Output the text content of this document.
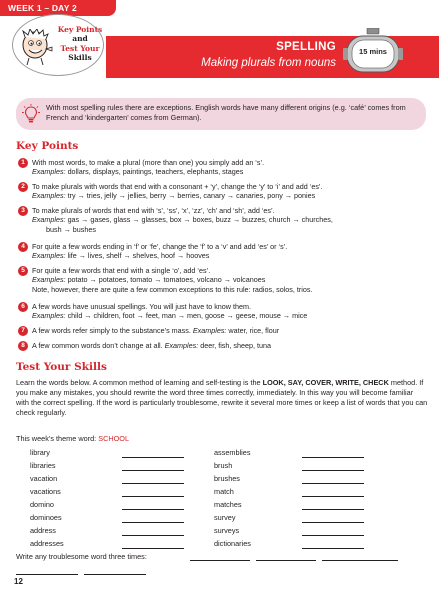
WEEK 1 – DAY 2
SPELLING
Making plurals from nouns
Key Points
and
Test Your
Skills
15 mins
With most spelling rules there are exceptions. English words have many different origins (e.g. ‘café’ comes from French and ‘kindergarten’ comes from German).
Key Points
1 With most words, to make a plural (more than one) you simply add an ‘s’.
Examples: dollars, displays, paintings, teachers, elephants, stages
2 To make plurals with words that end with a consonant + ‘y’, change the ‘y’ to ‘i’ and add ‘es’.
Examples: try → tries, jelly → jellies, berry → berries, canary → canaries, pony → ponies
3 To make plurals of words that end with ‘s’, ‘ss’, ‘x’, ‘zz’, ‘ch’ and ‘sh’, add ‘es’.
Examples: gas → gases, glass → glasses, box → boxes, buzz → buzzes, church → churches,
bush → bushes
4 For quite a few words ending in ‘f’ or ‘fe’, change the ‘f’ to a ‘v’ and add ‘es’ or ‘s’.
Examples: life → lives, shelf → shelves, hoof → hooves
5 For quite a few words that end with a single ‘o’, add ‘es’.
Examples: potato → potatoes, tomato → tomatoes, volcano → volcanoes
Note, however, there are quite a few common exceptions to this rule: radios, solos, trios.
6 A few words have unusual spellings. You will just have to know them.
Examples: child → children, foot → feet, man → men, goose → geese, mouse → mice
7 A few words refer simply to the substance’s mass. Examples: water, rice, flour
8 A few common words don’t change at all. Examples: deer, fish, sheep, tuna
Test Your Skills
Learn the words below. A common method of learning and self-testing is the LOOK, SAY, COVER, WRITE, CHECK method. If you make any mistakes, you should rewrite the word three times correctly, immediately. In this way you will become familiar with the correct spelling. If the word is particularly troublesome, rewrite it several more times or keep a list of words that you can check regularly.
This week’s theme word: SCHOOL
library	assemblies
libraries	brush
vacation	brushes
vacations	match
domino	matches
dominoes	survey
address	surveys
addresses	dictionaries
Write any troublesome word three times:
12
